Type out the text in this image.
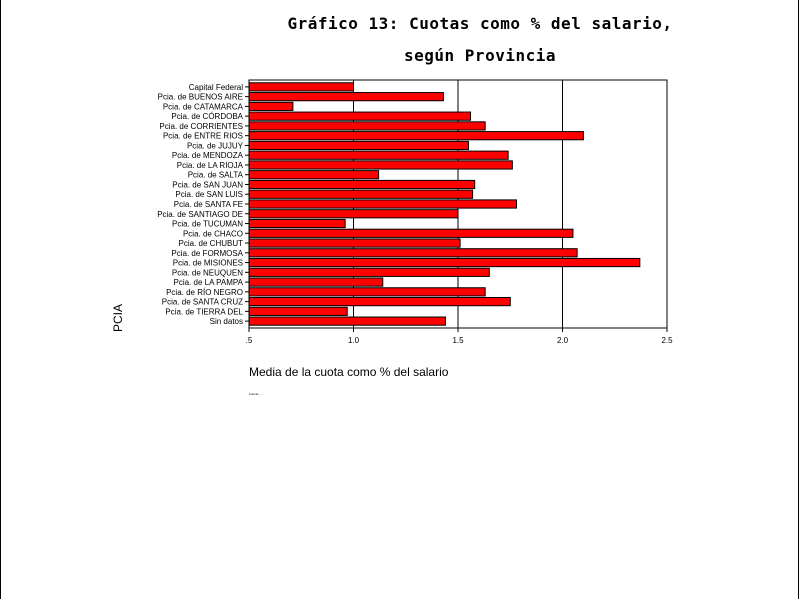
Gráfico 13: Cuotas como % del salario,
según Provincia
Capital Federal
Pcia. de BUENOS AIRE
Pcia. de CATAMARCA
Pcia. de CÓRDOBA
Pcia. de CORRIENTES
Pcia. de ENTRE RIOS
Pcia. de JUJUY
Pcia. de MENDOZA
Pcia. de LA RIOJA
Pcia. de SALTA
Pcia. de SAN JUAN
Pcia. de SAN LUIS
Pcia. de SANTA FE
Pcia. de SANTIAGO DE
Pcia. de TUCUMAN
Pcia. de CHACO
Pcia. de CHUBUT
Pcia. de FORMOSA
Pcia. de MISIONES
Pcia. de NEUQUEN
Pcia. de LA PAMPA
Pcia. de RÍO NEGRO
Pcia. de SANTA CRUZ
Pcia. de TIERRA DEL
Sin datos
.5	1.0	1.5	2.0	2.5
Media de la cuota como % del salario
PCIA
Fuente: ...
